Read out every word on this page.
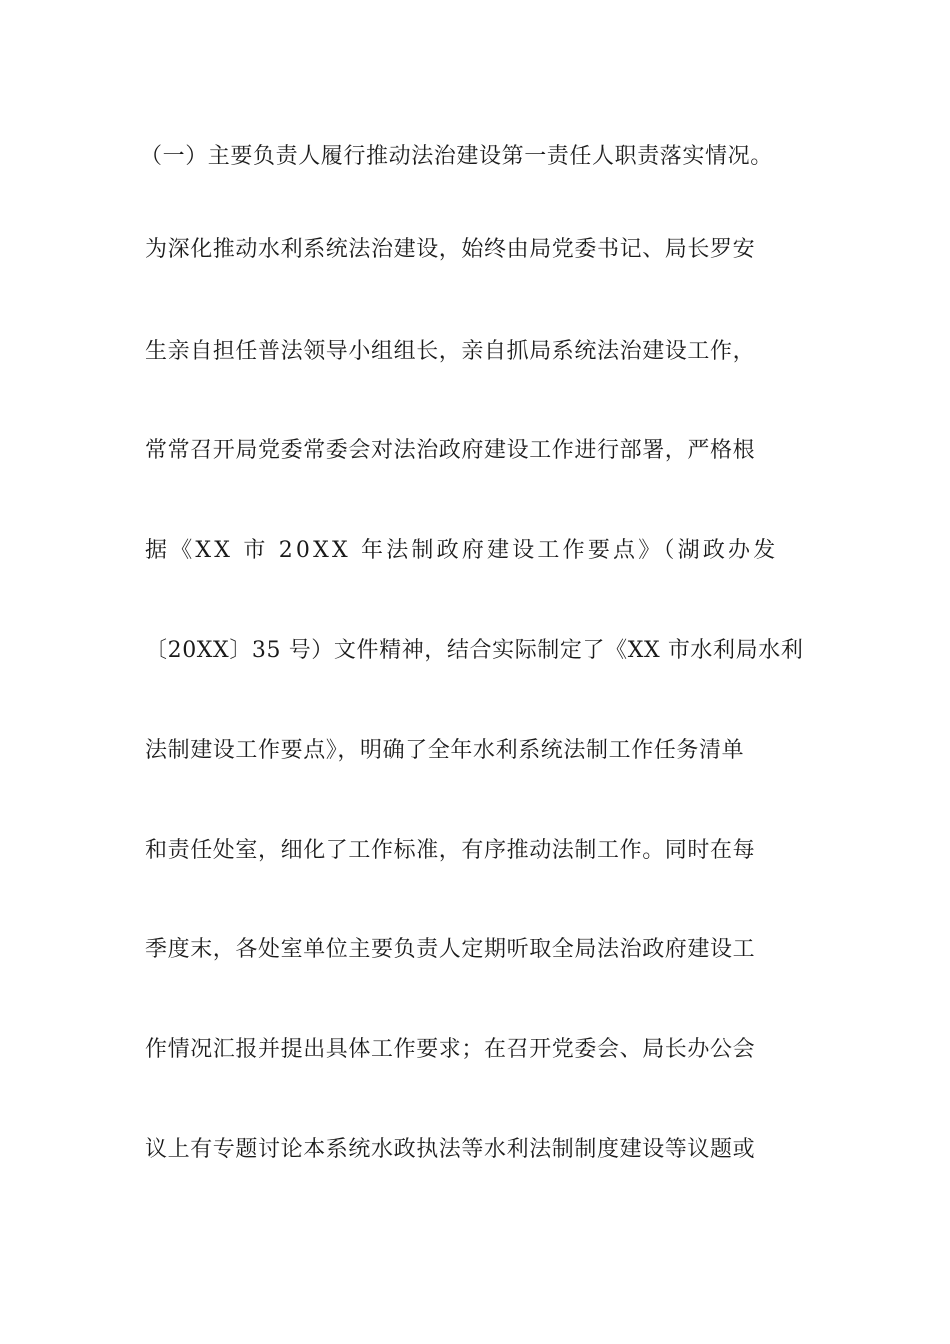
（一）主要负责人履行推动法治建设第一责任人职责落实情况。
为深化推动水利系统法治建设，始终由局党委书记、局长罗安
生亲自担任普法领导小组组长，亲自抓局系统法治建设工作，
常常召开局党委常委会对法治政府建设工作进行部署，严格根
据《XX 市 20XX 年法制政府建设工作要点》（湖政办发
〔20XX〕35 号）文件精神，结合实际制定了《XX 市水利局水利
法制建设工作要点》，明确了全年水利系统法制工作任务清单
和责任处室，细化了工作标准，有序推动法制工作。同时在每
季度末，各处室单位主要负责人定期听取全局法治政府建设工
作情况汇报并提出具体工作要求；在召开党委会、局长办公会
议上有专题讨论本系统水政执法等水利法制制度建设等议题或
